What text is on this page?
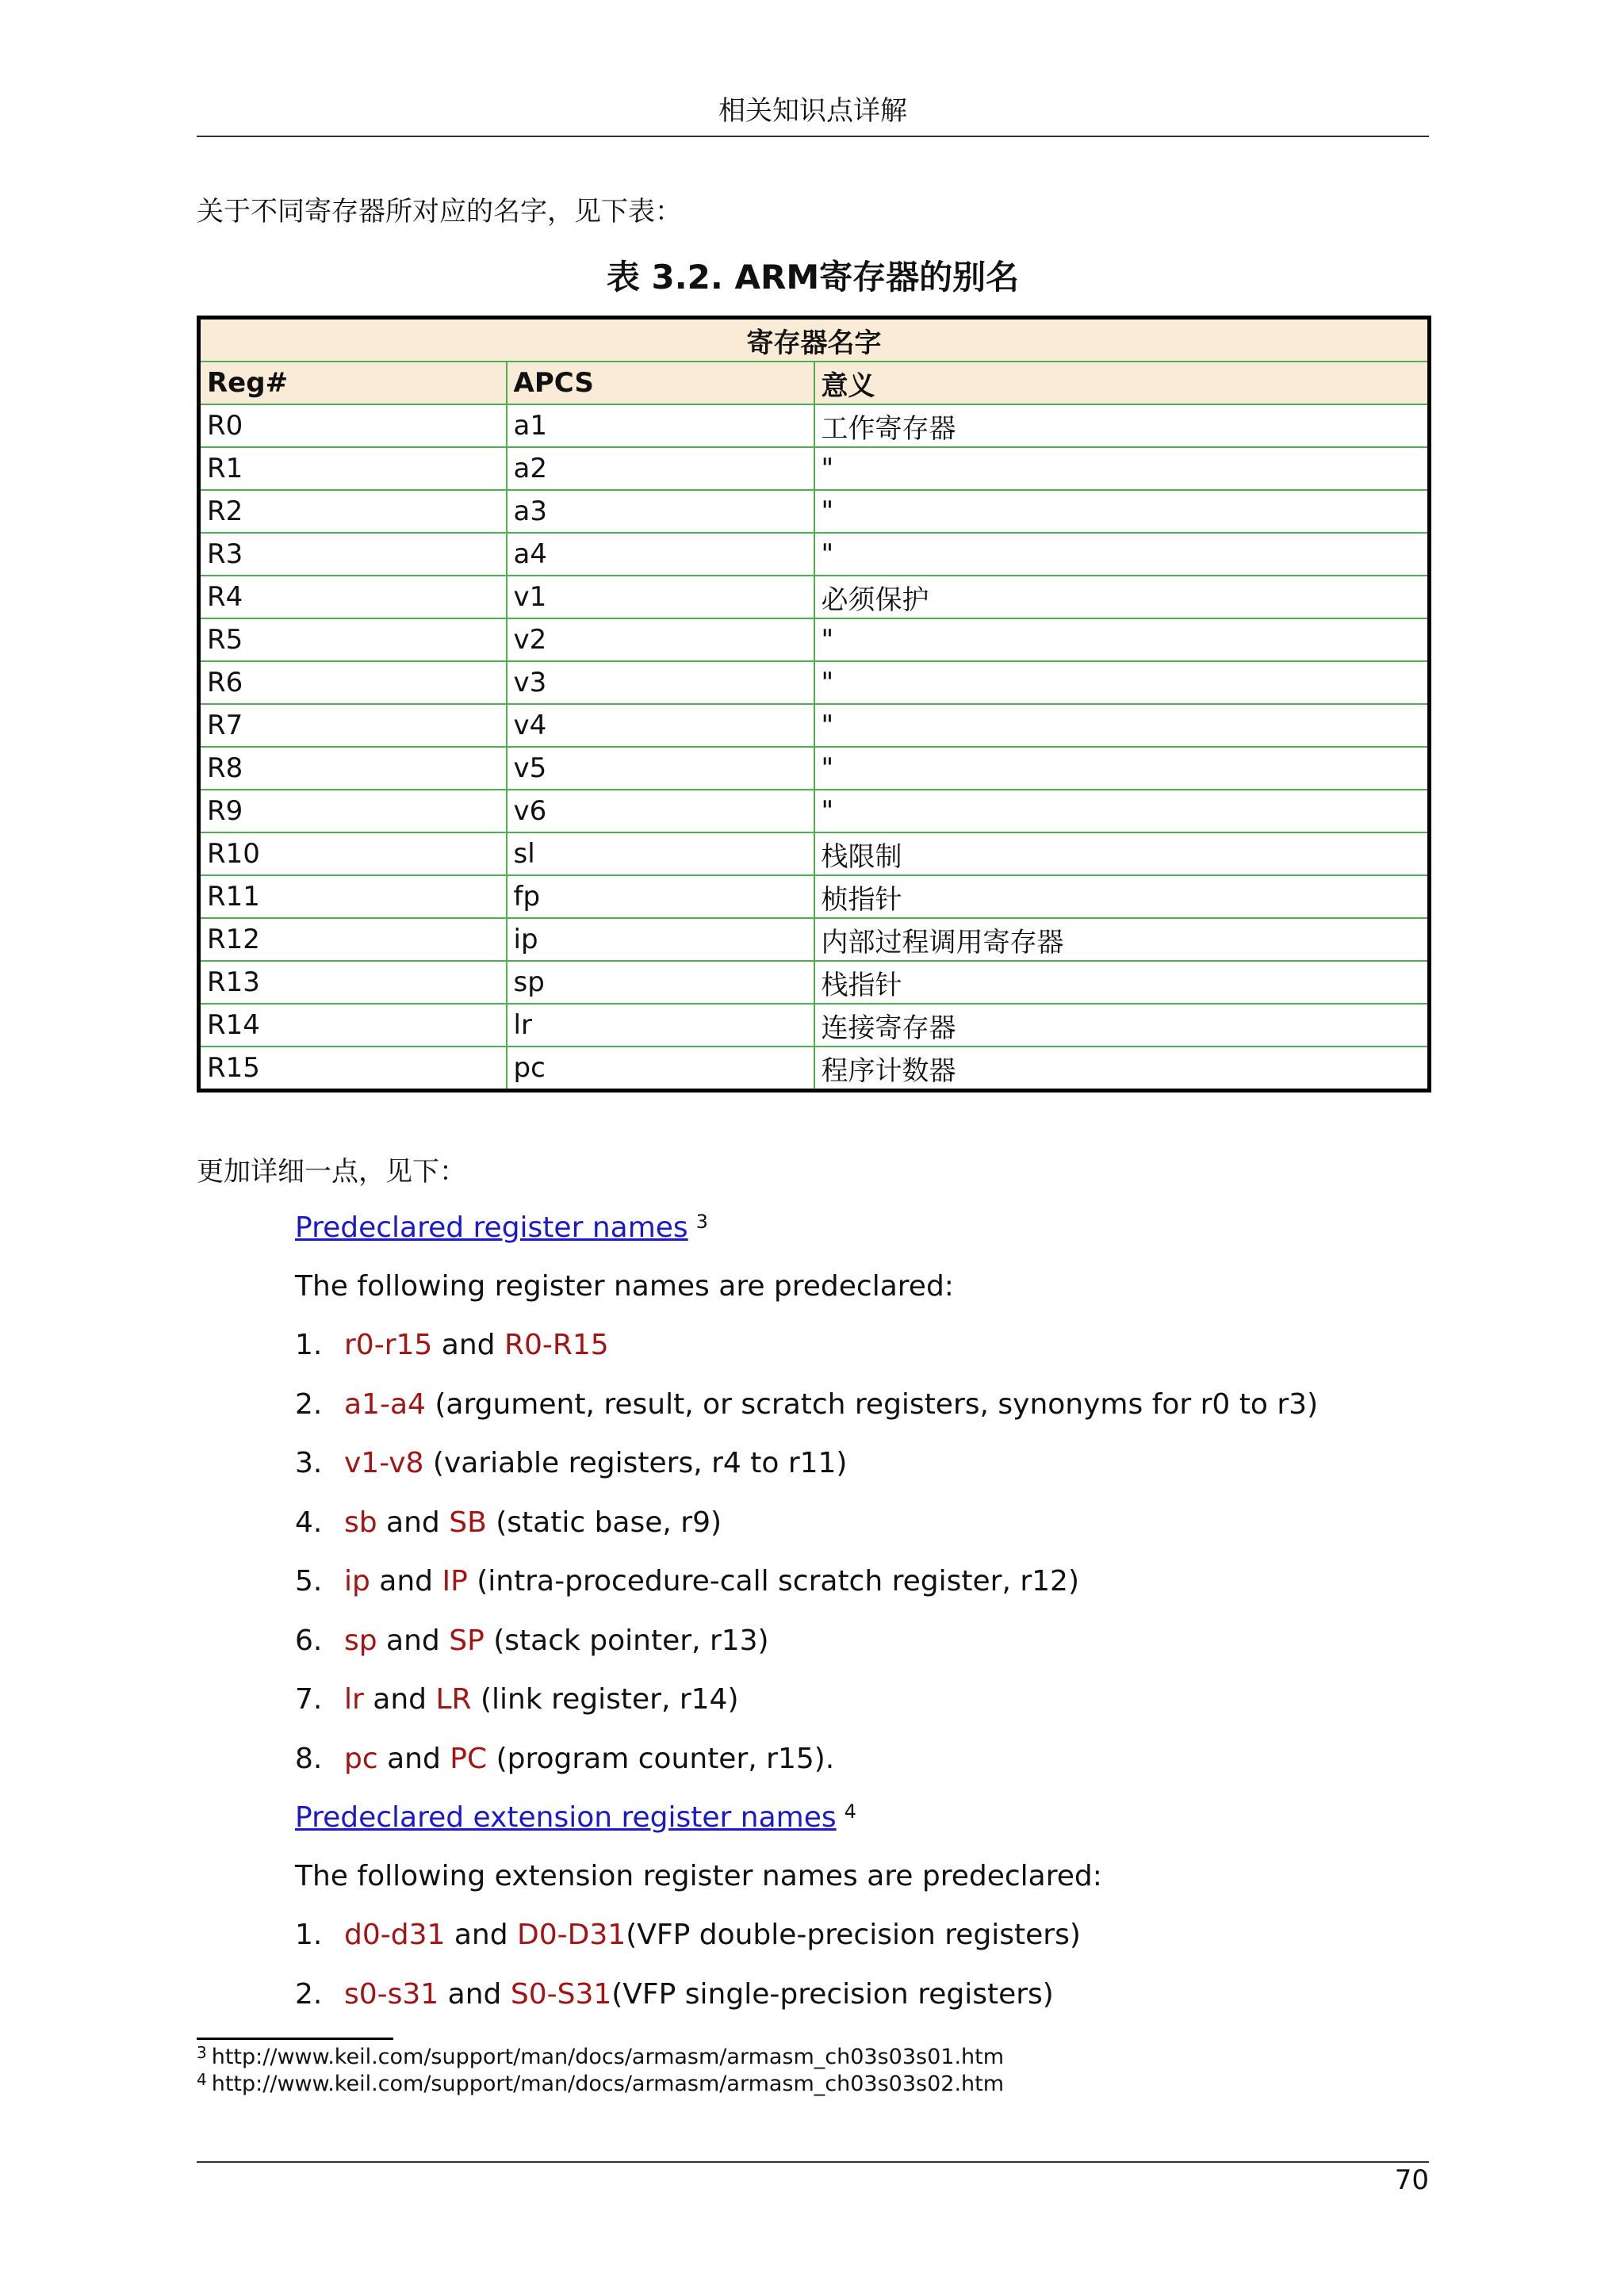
相关知识点详解
关于不同寄存器所对应的名字，见下表：
表 3.2. ARM寄存器的别名
寄存器名字		
Reg#	APCS	意义
R0	a1	工作寄存器
R1	a2	"
R2	a3	"
R3	a4	"
R4	v1	必须保护
R5	v2	"
R6	v3	"
R7	v4	"
R8	v5	"
R9	v6	"
R10	sl	栈限制
R11	fp	桢指针
R12	ip	内部过程调用寄存器
R13	sp	栈指针
R14	lr	连接寄存器
R15	pc	程序计数器
更加详细一点，见下：
Predeclared register names $^3$
The following register names are predeclared:
1. r0-r15 and R0-R15
2. a1-a4 (argument, result, or scratch registers, synonyms for r0 to r3)
3. v1-v8 (variable registers, r4 to r11)
4. sb and SB (static base, r9)
5. ip and IP (intra-procedure-call scratch register, r12)
6. sp and SP (stack pointer, r13)
7. lr and LR (link register, r14)
8. pc and PC (program counter, r15).
Predeclared extension register names $^4$
The following extension register names are predeclared:
1. d0-d31 and D0-D31(VFP double-precision registers)
2. s0-s31 and S0-S31(VFP single-precision registers)
$^3$ http://www.keil.com/support/man/docs/armasm/armasm_ch03s03s01.htm
$^4$ http://www.keil.com/support/man/docs/armasm/armasm_ch03s03s02.htm
70
